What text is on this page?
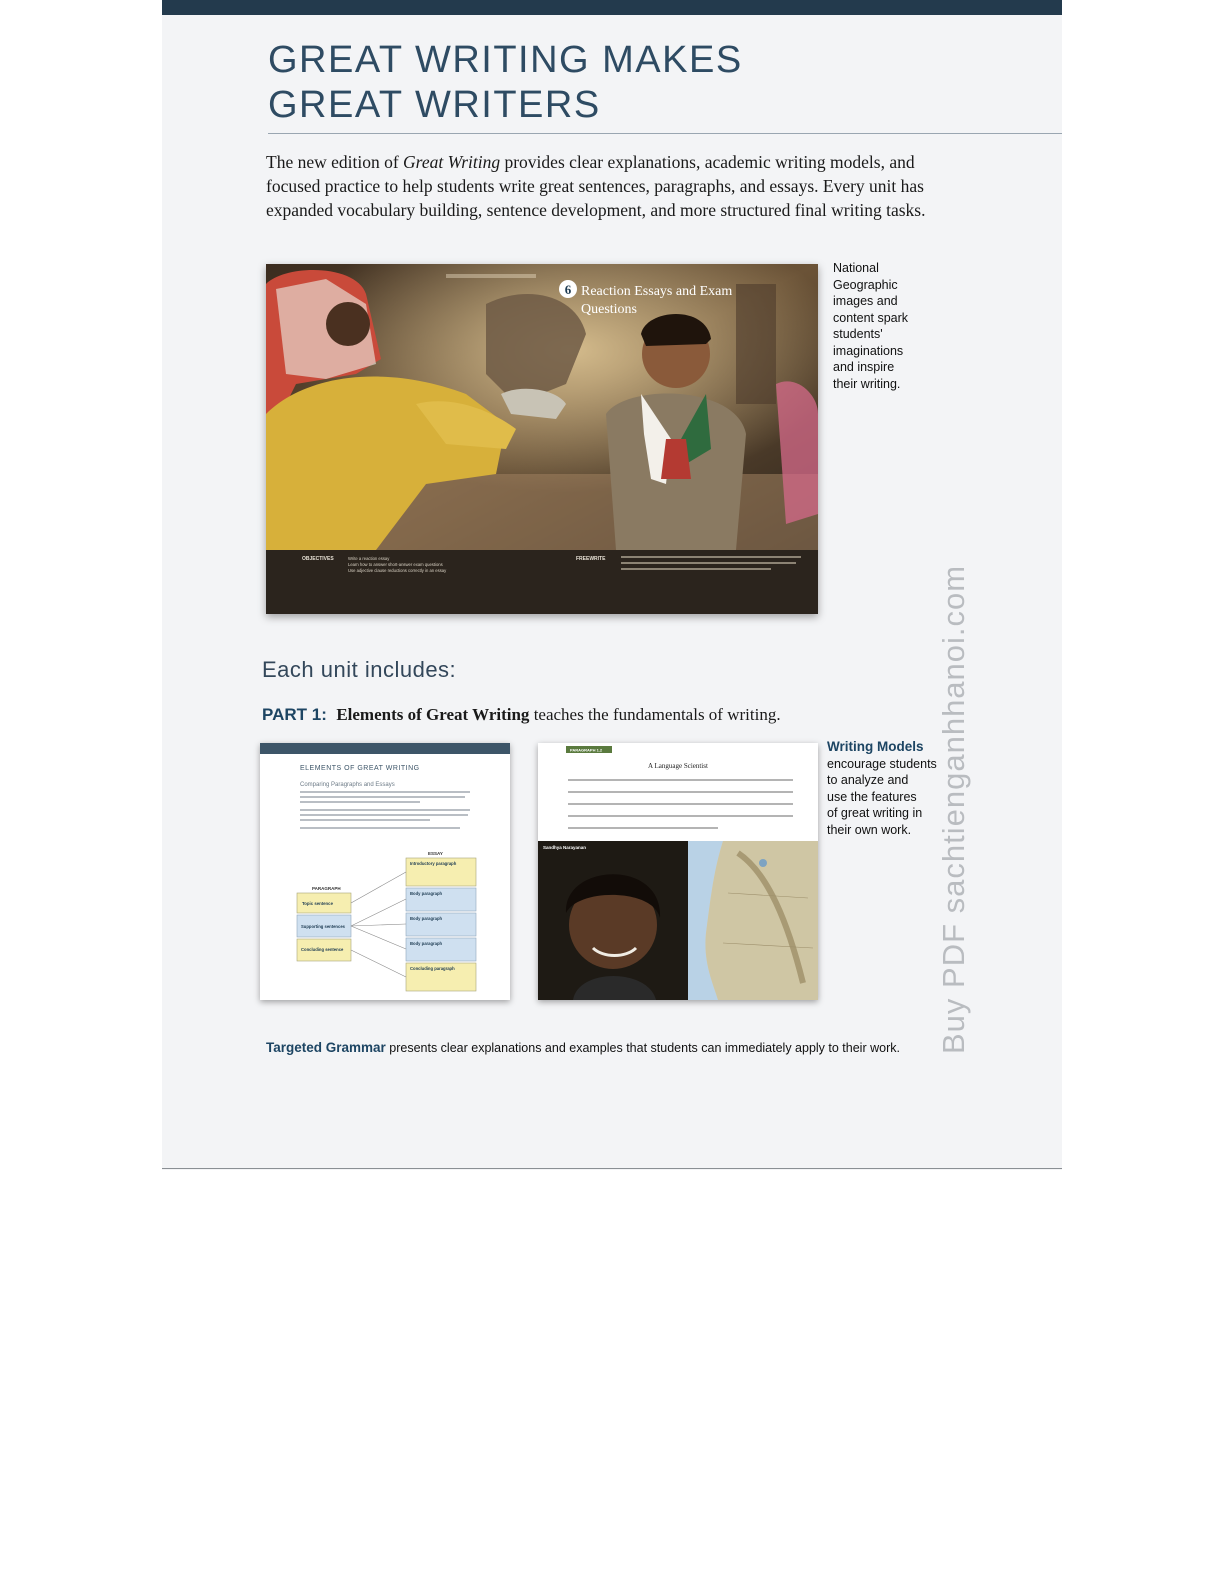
GREAT WRITING MAKES
GREAT WRITERS

The new edition of Great Writing provides clear explanations, academic writing models, and focused practice to help students write great sentences, paragraphs, and essays. Every unit has expanded vocabulary building, sentence development, and more structured final writing tasks.

6 Reaction Essays and Exam
Questions
OBJECTIVES	Write a reaction essay
Learn how to answer short-answer exam questions
Use adjective clause reductions correctly in an essay
FREEWRITE

National
Geographic
images and
content spark
students'
imaginations
and inspire
their writing.

Each unit includes:

PART 1: Elements of Great Writing teaches the fundamentals of writing.

ELEMENTS OF GREAT WRITING
Comparing Paragraphs and Essays
PARAGRAPH
ESSAY
Topic sentence
Supporting sentences
Concluding sentence
Introductory paragraph
Body paragraph
Body paragraph
Body paragraph
Concluding paragraph
PARAGRAPH 1.2
A Language Scientist
Sandhya Narayanan

Writing Models
encourage students
to analyze and
use the features
of great writing in
their own work.

Targeted Grammar presents clear explanations and examples that students can immediately apply to their work. Buy PDF sachtienganhhanoi.com
